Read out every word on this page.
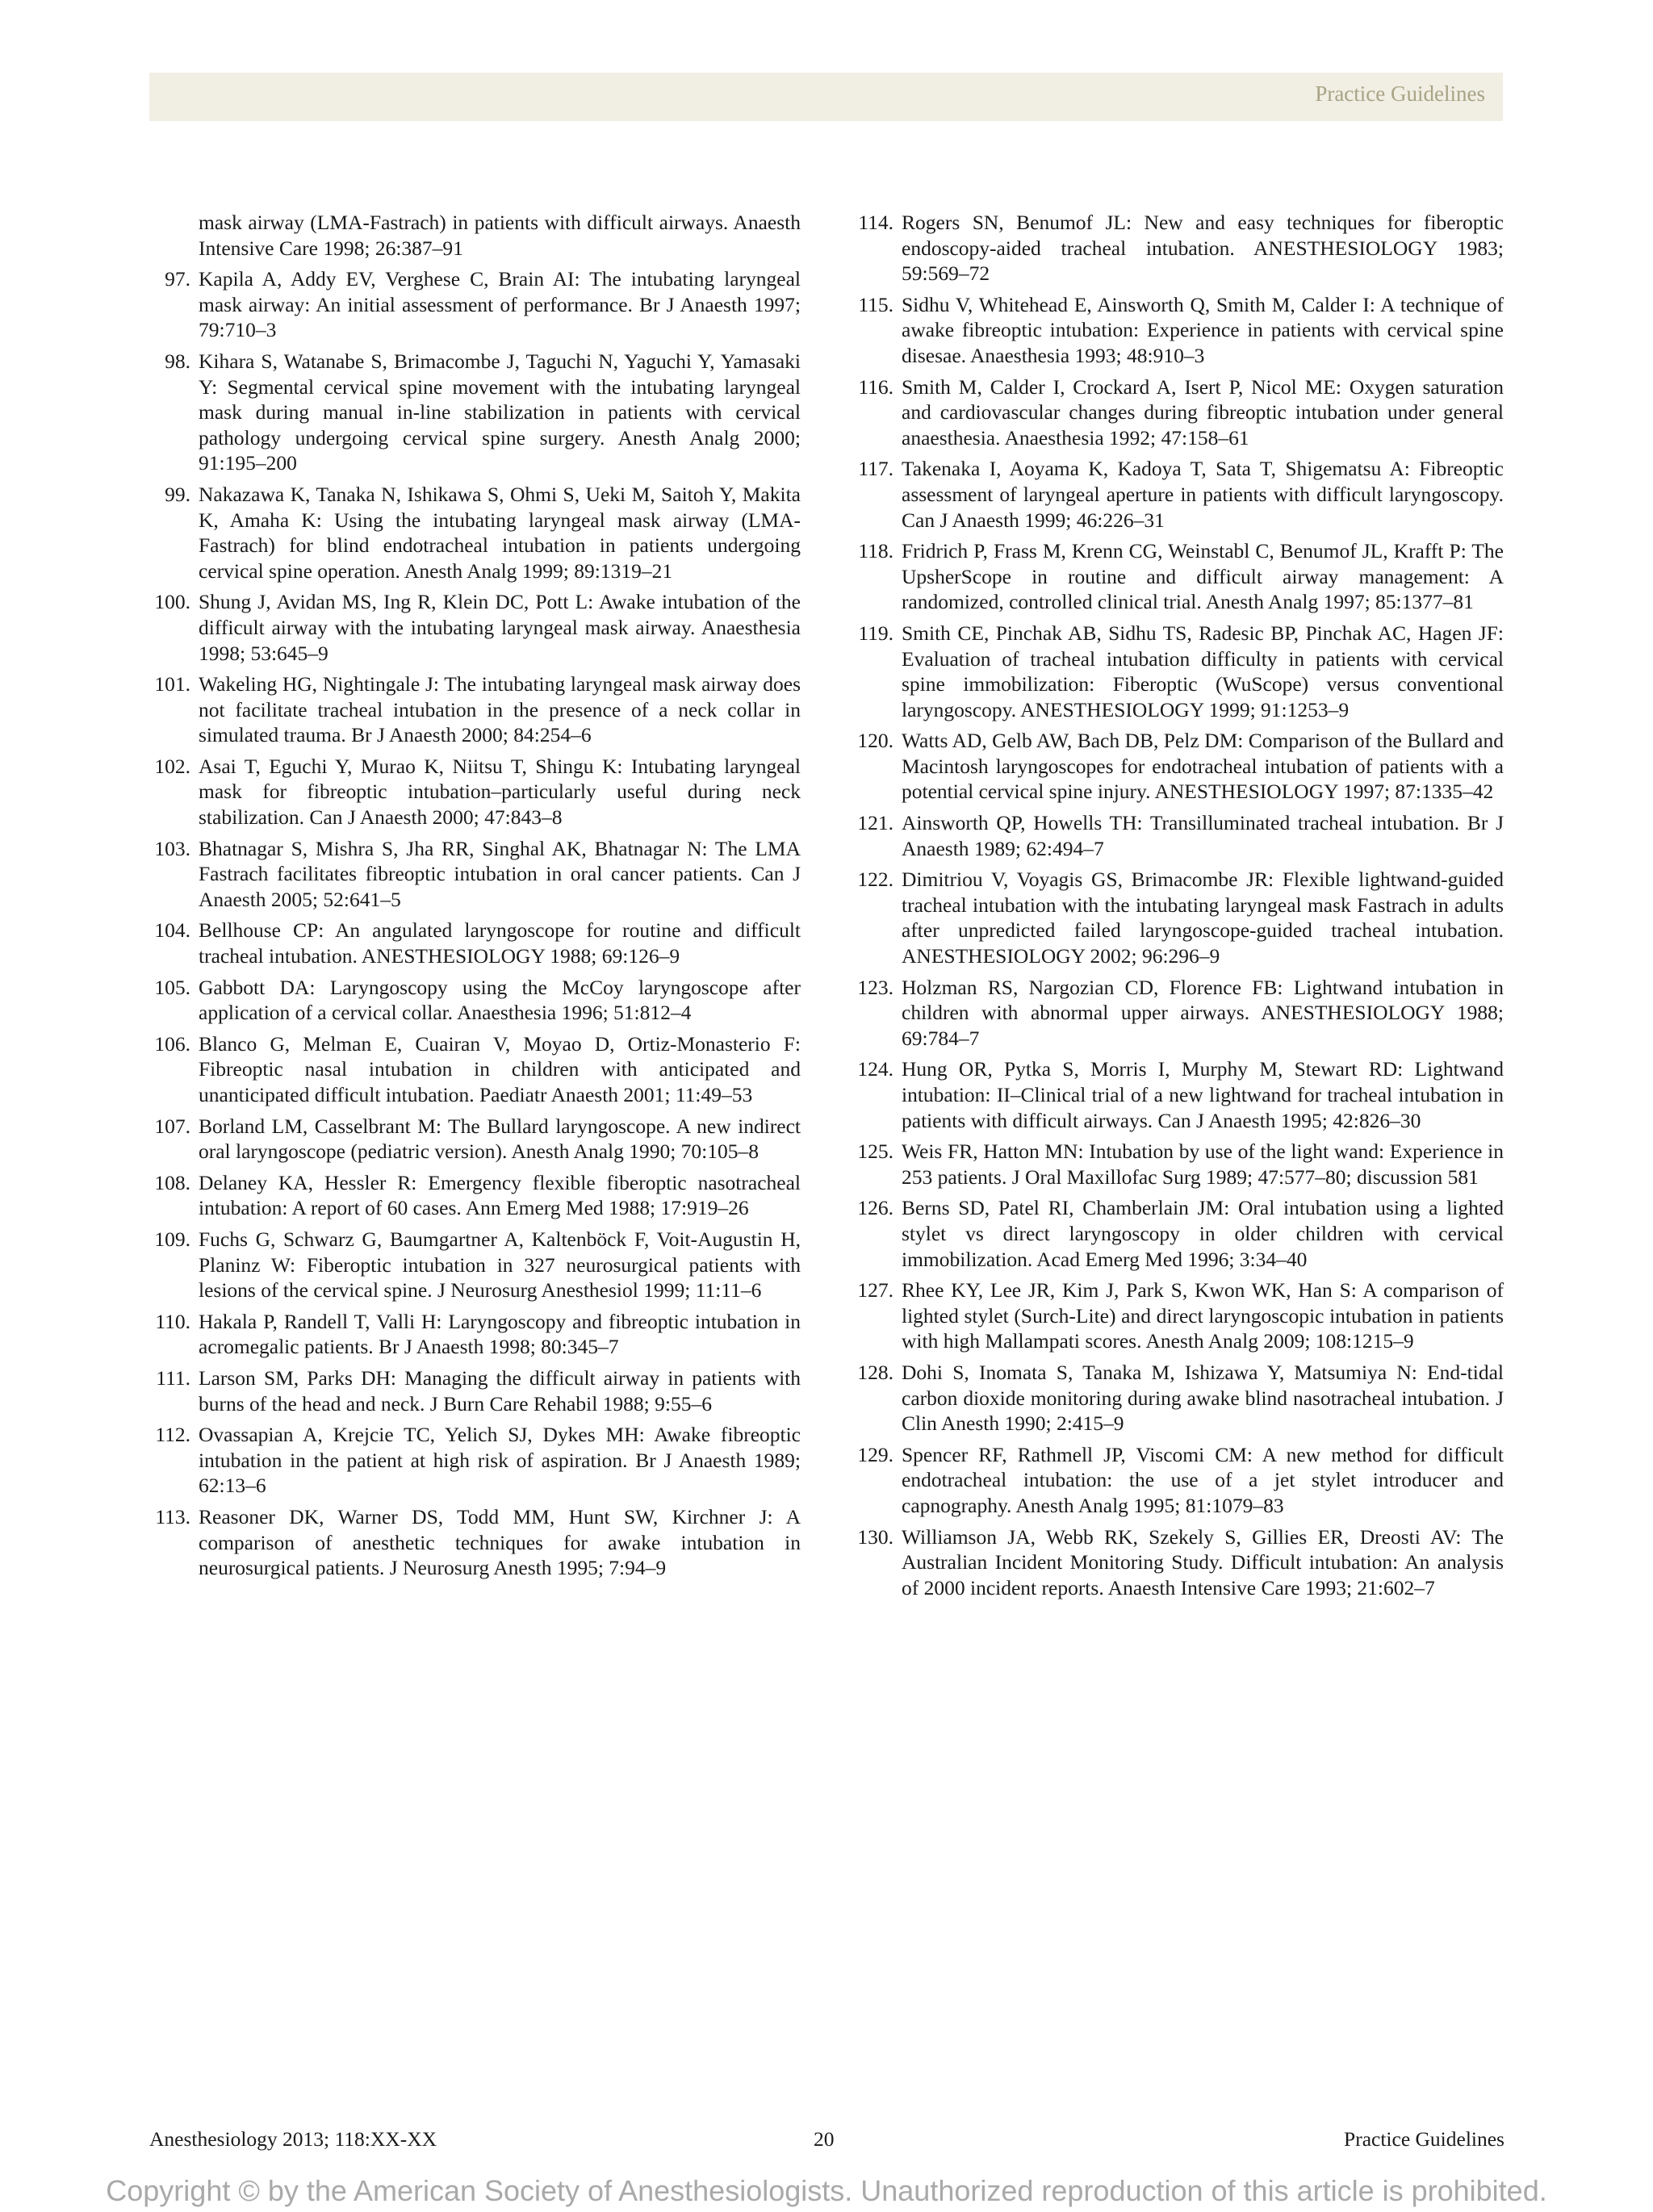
Practice Guidelines

mask airway (LMA-Fastrach) in patients with difficult airways. Anaesth Intensive Care 1998; 26:387–91

97. Kapila A, Addy EV, Verghese C, Brain AI: The intubating laryngeal mask airway: An initial assessment of performance. Br J Anaesth 1997; 79:710–3

98. Kihara S, Watanabe S, Brimacombe J, Taguchi N, Yaguchi Y, Yamasaki Y: Segmental cervical spine movement with the intubating laryngeal mask during manual in-line stabilization in patients with cervical pathology undergoing cervical spine surgery. Anesth Analg 2000; 91:195–200

99. Nakazawa K, Tanaka N, Ishikawa S, Ohmi S, Ueki M, Saitoh Y, Makita K, Amaha K: Using the intubating laryngeal mask airway (LMA-Fastrach) for blind endotracheal intubation in patients undergoing cervical spine operation. Anesth Analg 1999; 89:1319–21

100. Shung J, Avidan MS, Ing R, Klein DC, Pott L: Awake intubation of the difficult airway with the intubating laryngeal mask airway. Anaesthesia 1998; 53:645–9

101. Wakeling HG, Nightingale J: The intubating laryngeal mask airway does not facilitate tracheal intubation in the presence of a neck collar in simulated trauma. Br J Anaesth 2000; 84:254–6

102. Asai T, Eguchi Y, Murao K, Niitsu T, Shingu K: Intubating laryngeal mask for fibreoptic intubation–particularly useful during neck stabilization. Can J Anaesth 2000; 47:843–8

103. Bhatnagar S, Mishra S, Jha RR, Singhal AK, Bhatnagar N: The LMA Fastrach facilitates fibreoptic intubation in oral cancer patients. Can J Anaesth 2005; 52:641–5

104. Bellhouse CP: An angulated laryngoscope for routine and difficult tracheal intubation. ANESTHESIOLOGY 1988; 69:126–9

105. Gabbott DA: Laryngoscopy using the McCoy laryngoscope after application of a cervical collar. Anaesthesia 1996; 51:812–4

106. Blanco G, Melman E, Cuairan V, Moyao D, Ortiz-Monasterio F: Fibreoptic nasal intubation in children with anticipated and unanticipated difficult intubation. Paediatr Anaesth 2001; 11:49–53

107. Borland LM, Casselbrant M: The Bullard laryngoscope. A new indirect oral laryngoscope (pediatric version). Anesth Analg 1990; 70:105–8

108. Delaney KA, Hessler R: Emergency flexible fiberoptic nasotracheal intubation: A report of 60 cases. Ann Emerg Med 1988; 17:919–26

109. Fuchs G, Schwarz G, Baumgartner A, Kaltenböck F, Voit-Augustin H, Planinz W: Fiberoptic intubation in 327 neurosurgical patients with lesions of the cervical spine. J Neurosurg Anesthesiol 1999; 11:11–6

110. Hakala P, Randell T, Valli H: Laryngoscopy and fibreoptic intubation in acromegalic patients. Br J Anaesth 1998; 80:345–7

111. Larson SM, Parks DH: Managing the difficult airway in patients with burns of the head and neck. J Burn Care Rehabil 1988; 9:55–6

112. Ovassapian A, Krejcie TC, Yelich SJ, Dykes MH: Awake fibreoptic intubation in the patient at high risk of aspiration. Br J Anaesth 1989; 62:13–6

113. Reasoner DK, Warner DS, Todd MM, Hunt SW, Kirchner J: A comparison of anesthetic techniques for awake intubation in neurosurgical patients. J Neurosurg Anesth 1995; 7:94–9

114. Rogers SN, Benumof JL: New and easy techniques for fiberoptic endoscopy-aided tracheal intubation. ANESTHESIOLOGY 1983; 59:569–72

115. Sidhu V, Whitehead E, Ainsworth Q, Smith M, Calder I: A technique of awake fibreoptic intubation: Experience in patients with cervical spine disesae. Anaesthesia 1993; 48:910–3

116. Smith M, Calder I, Crockard A, Isert P, Nicol ME: Oxygen saturation and cardiovascular changes during fibreoptic intubation under general anaesthesia. Anaesthesia 1992; 47:158–61

117. Takenaka I, Aoyama K, Kadoya T, Sata T, Shigematsu A: Fibreoptic assessment of laryngeal aperture in patients with difficult laryngoscopy. Can J Anaesth 1999; 46:226–31

118. Fridrich P, Frass M, Krenn CG, Weinstabl C, Benumof JL, Krafft P: The UpsherScope in routine and difficult airway management: A randomized, controlled clinical trial. Anesth Analg 1997; 85:1377–81

119. Smith CE, Pinchak AB, Sidhu TS, Radesic BP, Pinchak AC, Hagen JF: Evaluation of tracheal intubation difficulty in patients with cervical spine immobilization: Fiberoptic (WuScope) versus conventional laryngoscopy. ANESTHESIOLOGY 1999; 91:1253–9

120. Watts AD, Gelb AW, Bach DB, Pelz DM: Comparison of the Bullard and Macintosh laryngoscopes for endotracheal intubation of patients with a potential cervical spine injury. ANESTHESIOLOGY 1997; 87:1335–42

121. Ainsworth QP, Howells TH: Transilluminated tracheal intubation. Br J Anaesth 1989; 62:494–7

122. Dimitriou V, Voyagis GS, Brimacombe JR: Flexible lightwand-guided tracheal intubation with the intubating laryngeal mask Fastrach in adults after unpredicted failed laryngoscope-guided tracheal intubation. ANESTHESIOLOGY 2002; 96:296–9

123. Holzman RS, Nargozian CD, Florence FB: Lightwand intubation in children with abnormal upper airways. ANESTHESIOLOGY 1988; 69:784–7

124. Hung OR, Pytka S, Morris I, Murphy M, Stewart RD: Lightwand intubation: II–Clinical trial of a new lightwand for tracheal intubation in patients with difficult airways. Can J Anaesth 1995; 42:826–30

125. Weis FR, Hatton MN: Intubation by use of the light wand: Experience in 253 patients. J Oral Maxillofac Surg 1989; 47:577–80; discussion 581

126. Berns SD, Patel RI, Chamberlain JM: Oral intubation using a lighted stylet vs direct laryngoscopy in older children with cervical immobilization. Acad Emerg Med 1996; 3:34–40

127. Rhee KY, Lee JR, Kim J, Park S, Kwon WK, Han S: A comparison of lighted stylet (Surch-Lite) and direct laryngoscopic intubation in patients with high Mallampati scores. Anesth Analg 2009; 108:1215–9

128. Dohi S, Inomata S, Tanaka M, Ishizawa Y, Matsumiya N: End-tidal carbon dioxide monitoring during awake blind nasotracheal intubation. J Clin Anesth 1990; 2:415–9

129. Spencer RF, Rathmell JP, Viscomi CM: A new method for difficult endotracheal intubation: the use of a jet stylet introducer and capnography. Anesth Analg 1995; 81:1079–83

130. Williamson JA, Webb RK, Szekely S, Gillies ER, Dreosti AV: The Australian Incident Monitoring Study. Difficult intubation: An analysis of 2000 incident reports. Anaesth Intensive Care 1993; 21:602–7

Anesthesiology 2013; 118:XX-XX	20	Practice Guidelines
Copyright © by the American Society of Anesthesiologists. Unauthorized reproduction of this article is prohibited.
